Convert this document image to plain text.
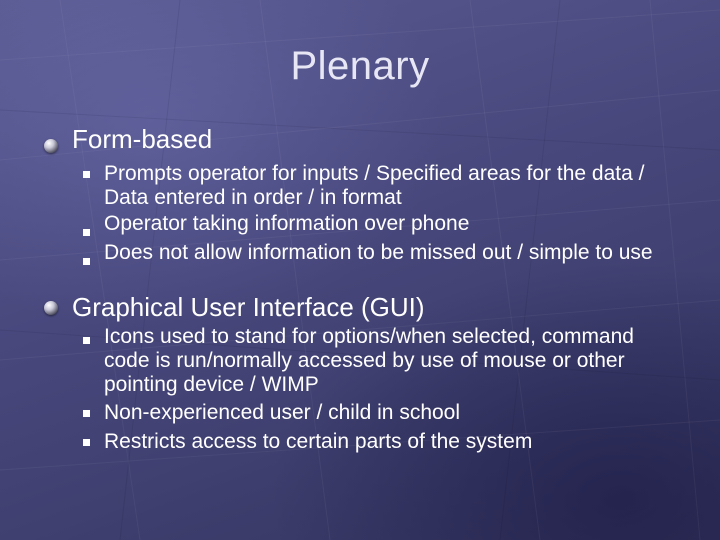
Plenary
Form-based
Prompts operator for inputs / Specified areas for the data / Data entered in order / in format
Operator taking information over phone
Does not allow information to be missed out / simple to use
Graphical User Interface (GUI)
Icons used to stand for options/when selected, command code is run/normally accessed by use of mouse or other pointing device / WIMP
Non-experienced user / child in school
Restricts access to certain parts of the system
